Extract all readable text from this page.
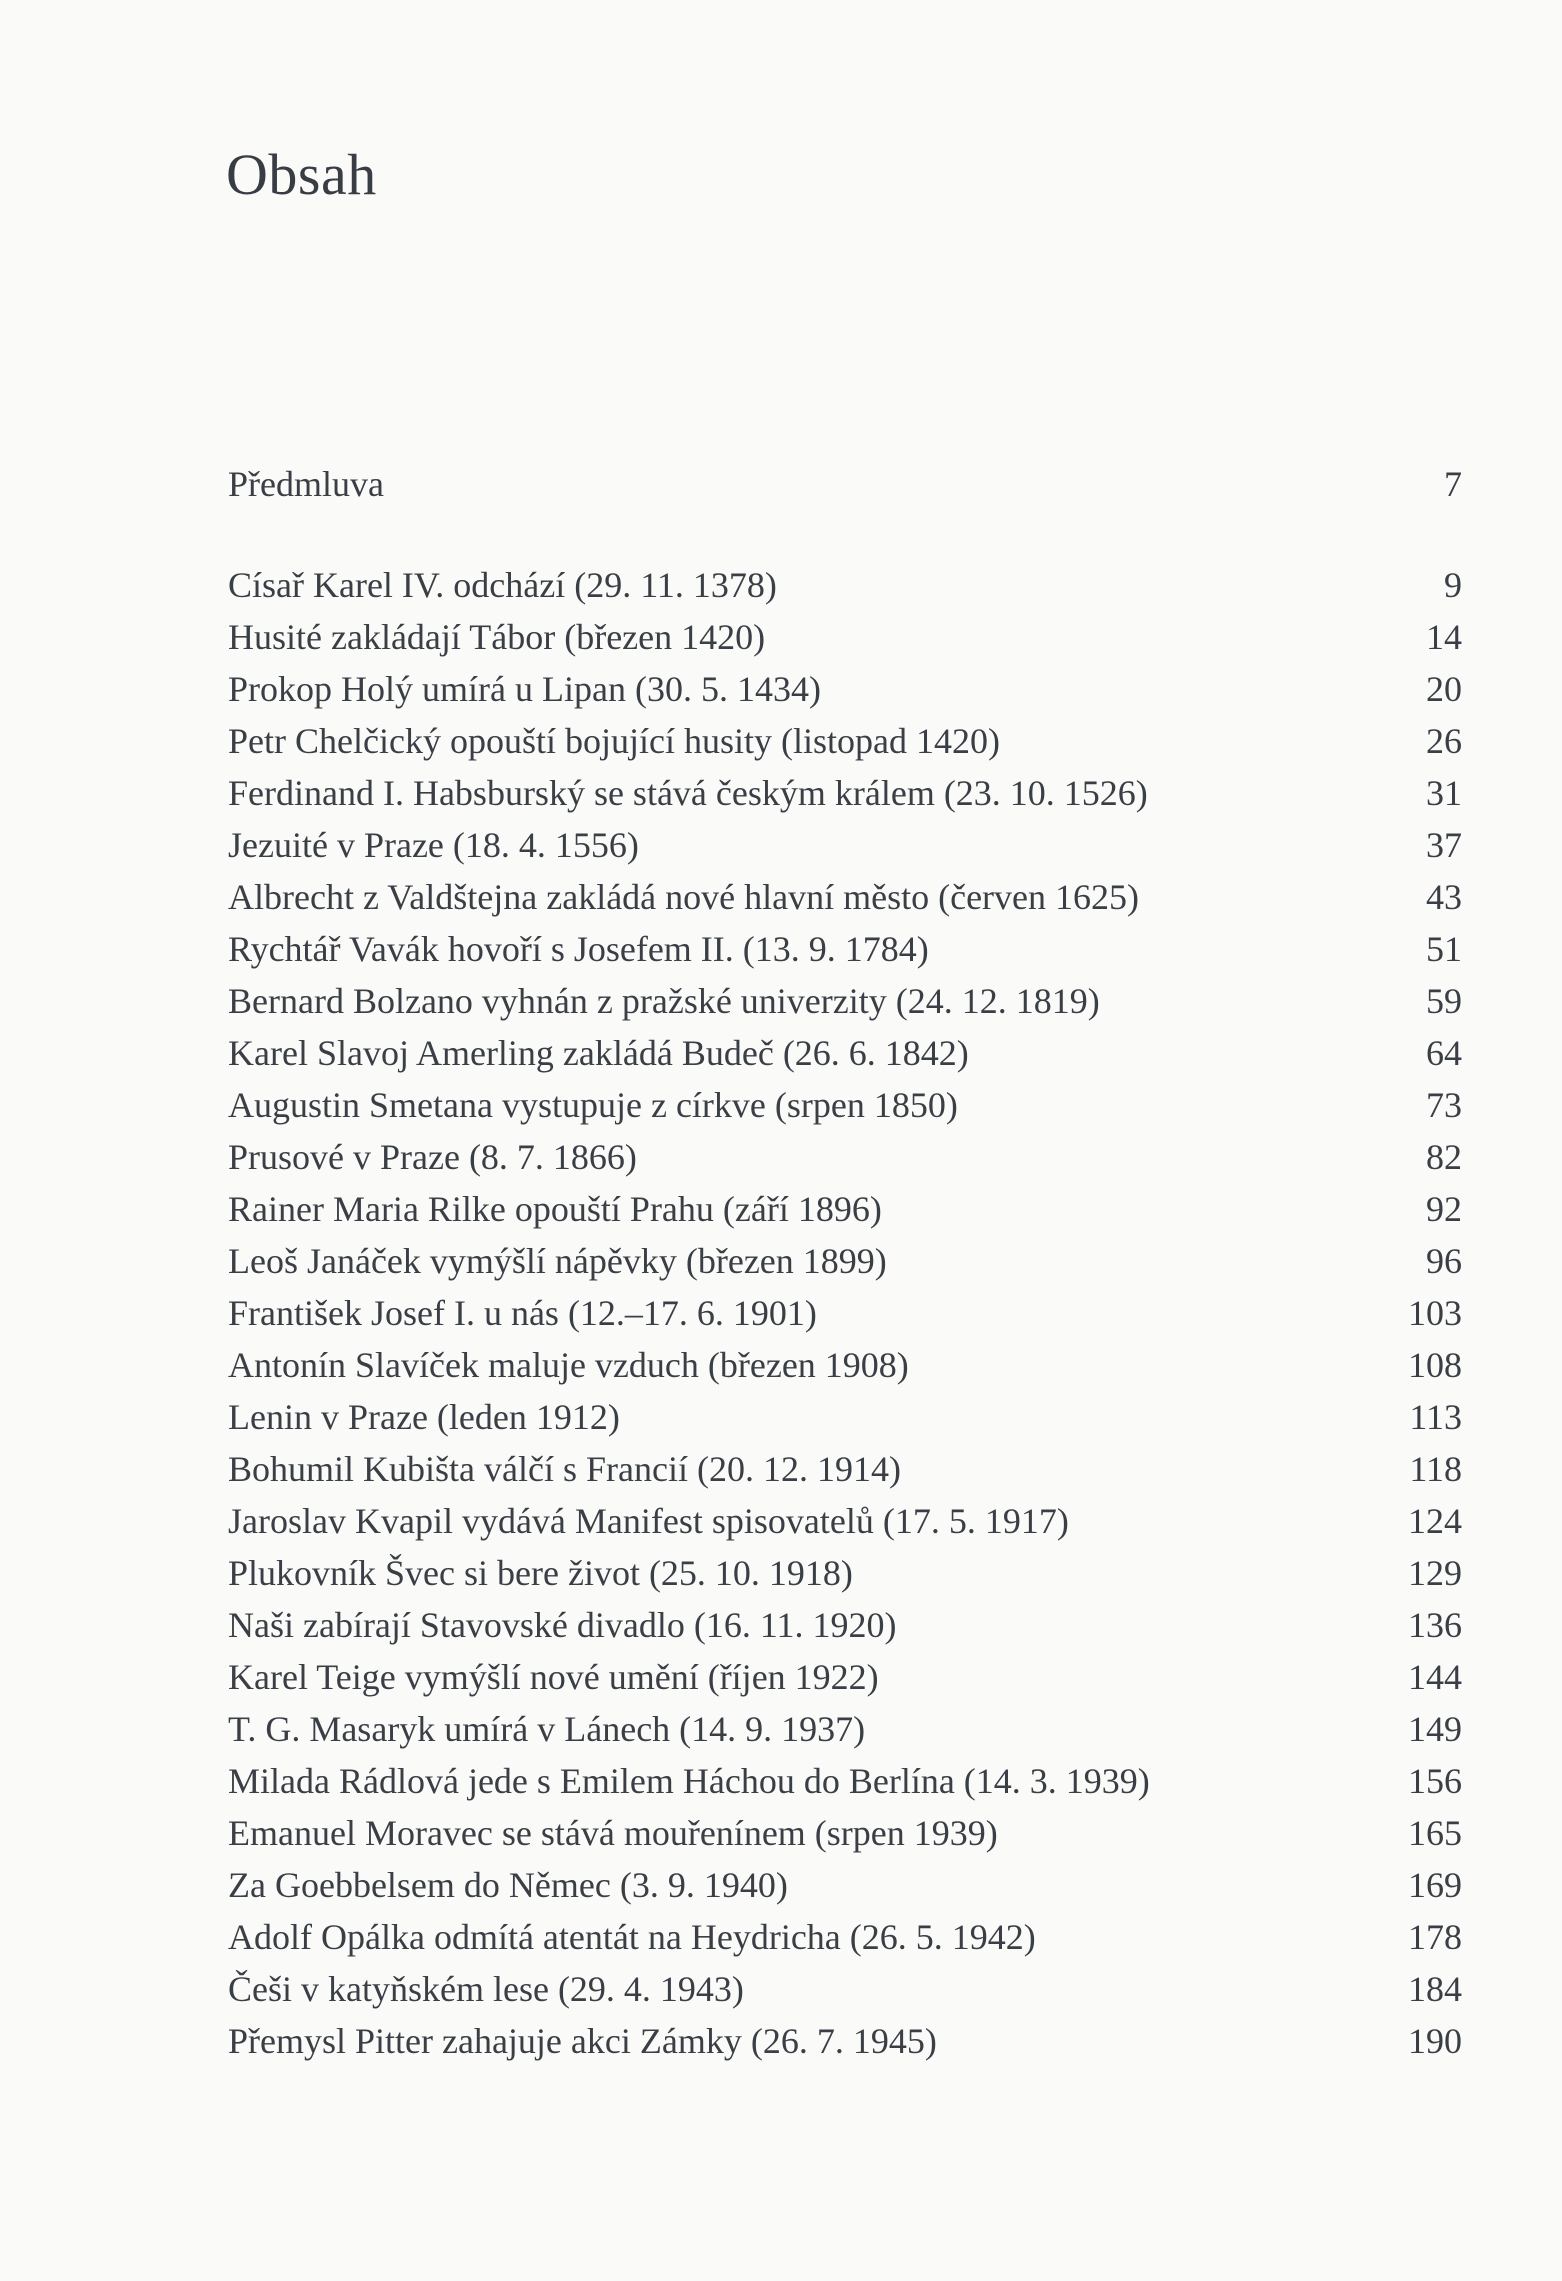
Obsah
Předmluva	7
Císař Karel IV. odchází (29. 11. 1378)	9
Husité zakládají Tábor (březen 1420)	14
Prokop Holý umírá u Lipan (30. 5. 1434)	20
Petr Chelčický opouští bojující husity (listopad 1420)	26
Ferdinand I. Habsburský se stává českým králem (23. 10. 1526)	31
Jezuité v Praze (18. 4. 1556)	37
Albrecht z Valdštejna zakládá nové hlavní město (červen 1625)	43
Rychtář Vavák hovoří s Josefem II. (13. 9. 1784)	51
Bernard Bolzano vyhnán z pražské univerzity (24. 12. 1819)	59
Karel Slavoj Amerling zakládá Budeč (26. 6. 1842)	64
Augustin Smetana vystupuje z církve (srpen 1850)	73
Prusové v Praze (8. 7. 1866)	82
Rainer Maria Rilke opouští Prahu (září 1896)	92
Leoš Janáček vymýšlí nápěvky (březen 1899)	96
František Josef I. u nás (12.–17. 6. 1901)	103
Antonín Slavíček maluje vzduch (březen 1908)	108
Lenin v Praze (leden 1912)	113
Bohumil Kubišta válčí s Francií (20. 12. 1914)	118
Jaroslav Kvapil vydává Manifest spisovatelů (17. 5. 1917)	124
Plukovník Švec si bere život (25. 10. 1918)	129
Naši zabírají Stavovské divadlo (16. 11. 1920)	136
Karel Teige vymýšlí nové umění (říjen 1922)	144
T. G. Masaryk umírá v Lánech (14. 9. 1937)	149
Milada Rádlová jede s Emilem Háchou do Berlína (14. 3. 1939)	156
Emanuel Moravec se stává mouřenínem (srpen 1939)	165
Za Goebbelsem do Němec (3. 9. 1940)	169
Adolf Opálka odmítá atentát na Heydricha (26. 5. 1942)	178
Češi v katyňském lese (29. 4. 1943)	184
Přemysl Pitter zahajuje akci Zámky (26. 7. 1945)	190
